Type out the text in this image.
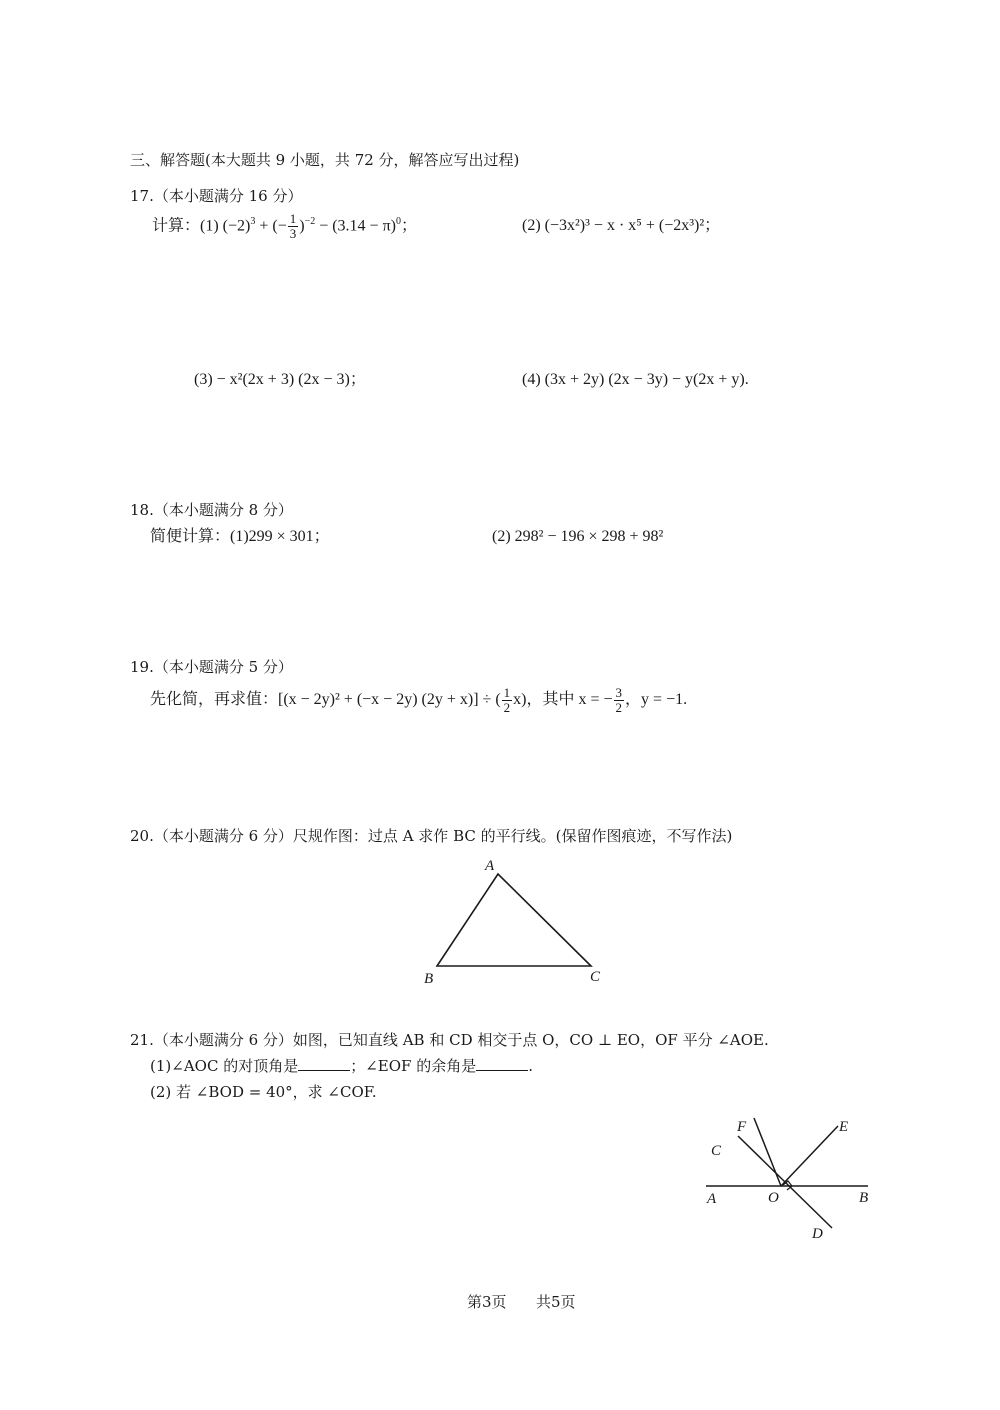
三、解答题(本大题共 9 小题，共 72 分，解答应写出过程)
17.（本小题满分 16 分）
计算：(1) $(-2)^3$ + (− $\frac{1}{3} )^{-2} - (3.14 - \pi)^0$；	(2) (−3x²)³ − x · x⁵ + (−2x³)²；
(3) − x²(2x + 3) (2x − 3)；	(4) (3x + 2y) (2x − 3y) − y(2x + y).
18.（本小题满分 8 分）
简便计算：(1)299 × 301；	(2) 298² − 196 × 298 + 98²
19.（本小题满分 5 分）
先化简，再求值：[(x − 2y)² + (−x − 2y) (2y + x)] ÷ ( $\frac{1}{2} x$)，其中 x = − $\frac{3}{2}$ ，y = −1.
20.（本小题满分 6 分）尺规作图：过点 A 求作 BC 的平行线。(保留作图痕迹，不写作法)
A
B	C
A	B
C
D
E
F
O
21.（本小题满分 6 分）如图，已知直线 AB 和 CD 相交于点 O，CO ⊥ EO，OF 平分 ∠AOE.
(1)∠AOC 的对顶角是	；∠EOF 的余角是	.
(2) 若 ∠BOD = 40°，求 ∠COF.
第3页 共5页
